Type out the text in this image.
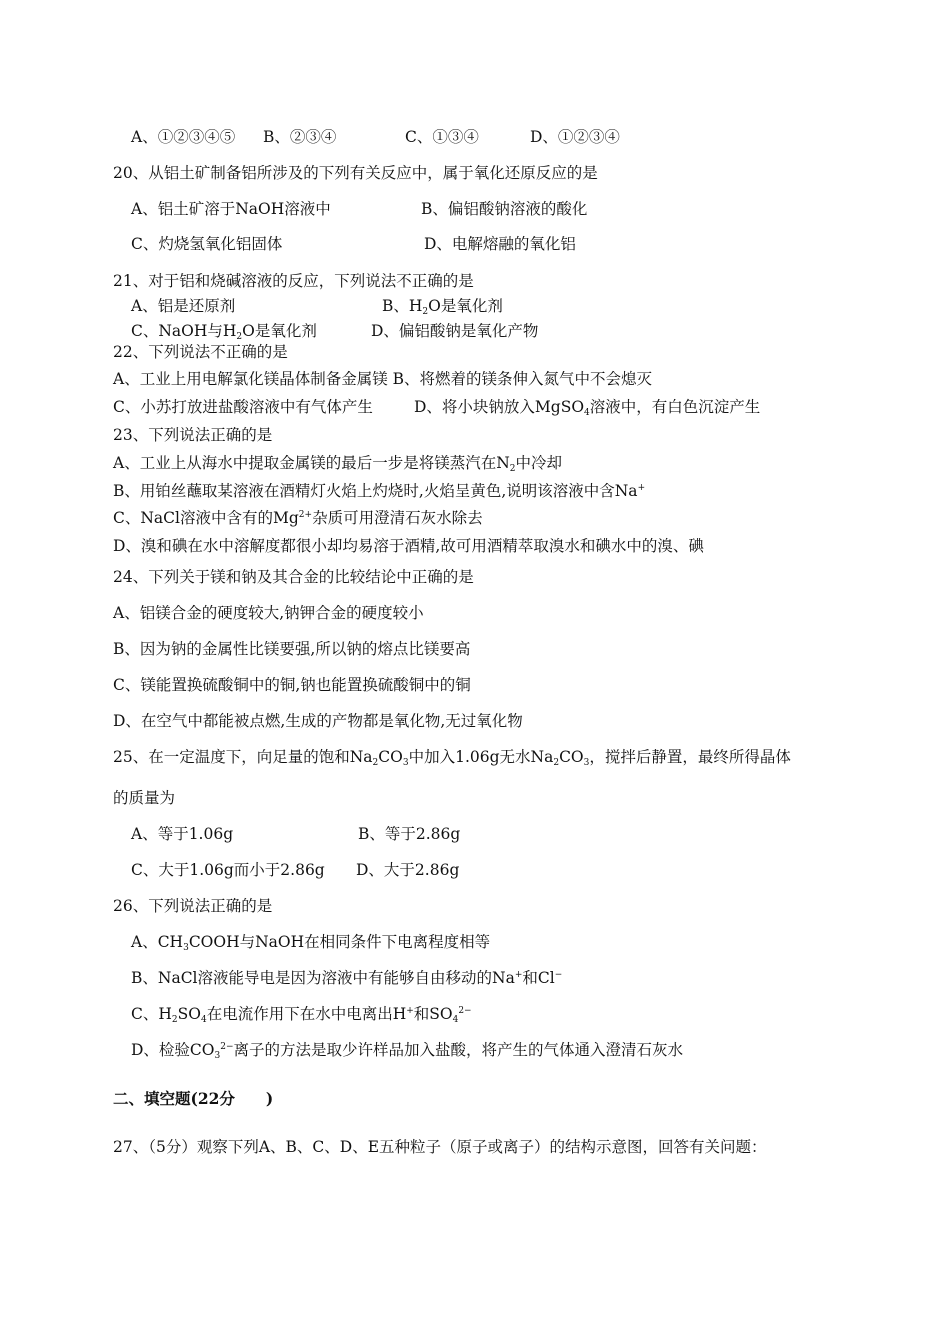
A、①②③④⑤ B、②③④	C、①③④	D、①②③④
20、从铝土矿制备铝所涉及的下列有关反应中，属于氧化还原反应的是
A、铝土矿溶于NaOH溶液中	B、偏铝酸钠溶液的酸化
C、灼烧氢氧化铝固体	D、电解熔融的氧化铝
21、对于铝和烧碱溶液的反应，下列说法不正确的是
A、铝是还原剂	B、$H_2O$是氧化剂
C、NaOH与$H_2O$是氧化剂	D、偏铝酸钠是氧化产物
22、下列说法不正确的是
A、工业上用电解氯化镁晶体制备金属镁 B、将燃着的镁条伸入氮气中不会熄灭
C、小苏打放进盐酸溶液中有气体产生	D、将小块钠放入MgSO$_4$溶液中，有白色沉淀产生
23、下列说法正确的是
A、工业上从海水中提取金属镁的最后一步是将镁蒸汽在$N_2$中冷却
B、用铂丝蘸取某溶液在酒精灯火焰上灼烧时,火焰呈黄色,说明该溶液中含Na+
C、NaCl溶液中含有的$Mg^{2+}$杂质可用澄清石灰水除去
D、溴和碘在水中溶解度都很小却均易溶于酒精,故可用酒精萃取溴水和碘水中的溴、碘
24、下列关于镁和钠及其合金的比较结论中正确的是
A、铝镁合金的硬度较大,钠钾合金的硬度较小
B、因为钠的金属性比镁要强,所以钠的熔点比镁要高
C、镁能置换硫酸铜中的铜,钠也能置换硫酸铜中的铜
D、在空气中都能被点燃,生成的产物都是氧化物,无过氧化物
25、在一定温度下，向足量的饱和$Na_2CO_3$中加入1.06g无水$Na_2CO_3$，搅拌后静置，最终所得晶体
的质量为
A、等于1.06g	B、等于2.86g
C、大于1.06g而小于2.86g D、大于2.86g
26、下列说法正确的是
A、$CH_3COOH$与NaOH在相同条件下电离程度相等
B、NaCl溶液能导电是因为溶液中有能够自由移动的Na+和Cl−
C、$H_2SO_4$在电流作用下在水中电离出H+和$SO_4^{2-}$
D、检验$CO_3^{2-}$离子的方法是取少许样品加入盐酸，将产生的气体通入澄清石灰水
二、填空题(22分　　)
27、（5分）观察下列A、B、C、D、E五种粒子（原子或离子）的结构示意图，回答有关问题：
